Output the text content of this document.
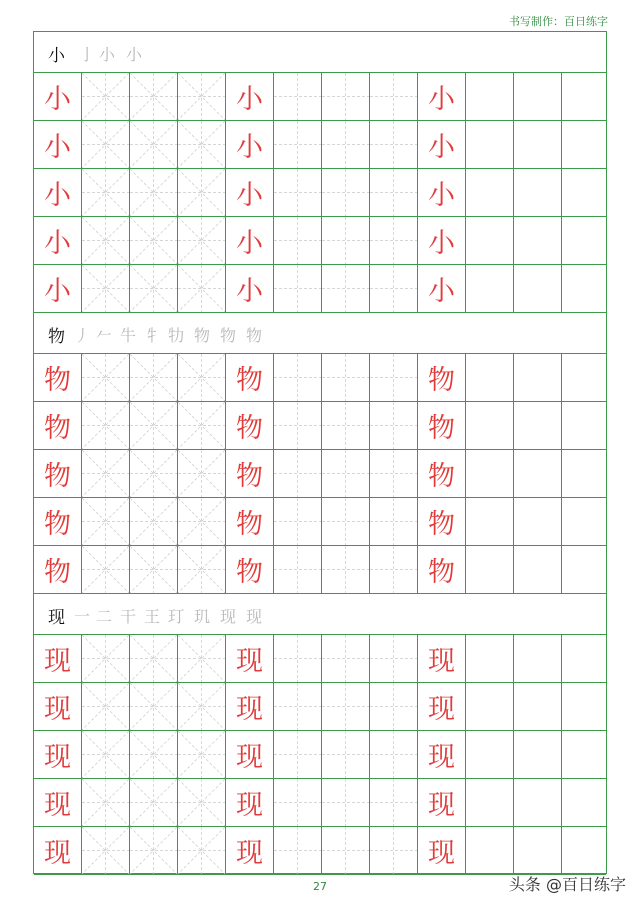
书写制作：百日练字
小 亅 小 小
小	小	小
小	小	小
小	小	小
小	小	小
小	小	小
物 丿 𠂉 牛 牜 牞 物 物 物
物	物	物
物	物	物
物	物	物
物	物	物
物	物	物
现 一 二 干 王 玎 玑 现 现
现	现	现
现	现	现
现	现	现
现	现	现
现	现	现
27	头条 @百日练字
